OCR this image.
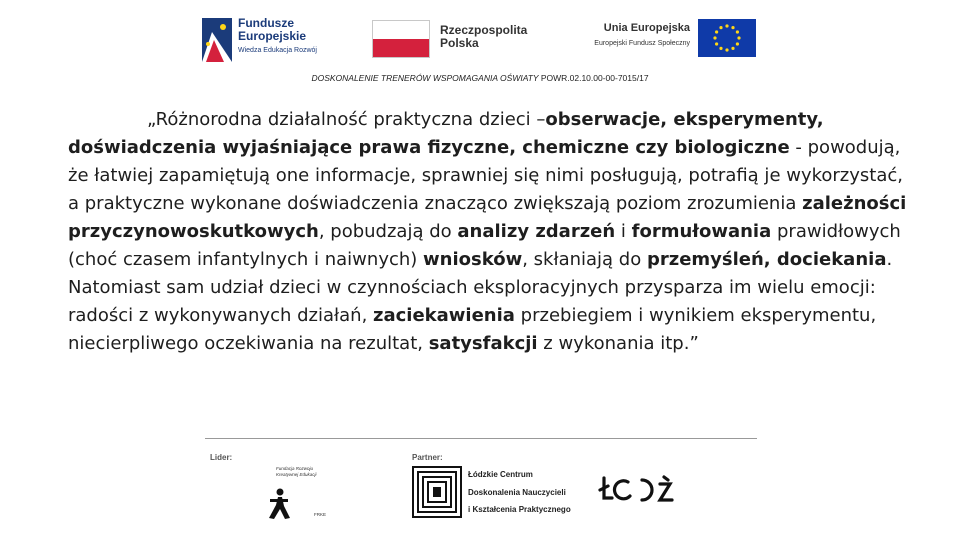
Fundusze
Europejskie
Wiedza Edukacja Rozwój
Rzeczpospolita
Polska
Unia Europejska
Europejski Fundusz Społeczny
DOSKONALENIE TRENERÓW WSPOMAGANIA OŚWIATY POWR.02.10.00-00-7015/17
„Różnorodna działalność praktyczna dzieci –obserwacje, eksperymenty, doświadczenia wyjaśniające prawa fizyczne, chemiczne czy biologiczne - powodują, że łatwiej zapamiętują one informacje, sprawniej się nimi posługują, potrafią je wykorzystać, a praktyczne wykonane doświadczenia znacząco zwiększają poziom zrozumienia zależności przyczynowoskutkowych, pobudzają do analizy zdarzeń i formułowania prawidłowych (choć czasem infantylnych i naiwnych) wniosków, skłaniają do przemyśleń, dociekania. Natomiast sam udział dzieci w czynnościach eksploracyjnych przysparza im wielu emocji: radości z wykonywanych działań, zaciekawienia przebiegiem i wynikiem eksperymentu, niecierpliwego oczekiwania na rezultat, satysfakcji z wykonania itp.”
Lider:	Partner:
Fundacja Rozwoju
Kreatywnej Edukacji
FRKE
Łódzkie Centrum
Doskonalenia Nauczycieli
i Kształcenia Praktycznego
